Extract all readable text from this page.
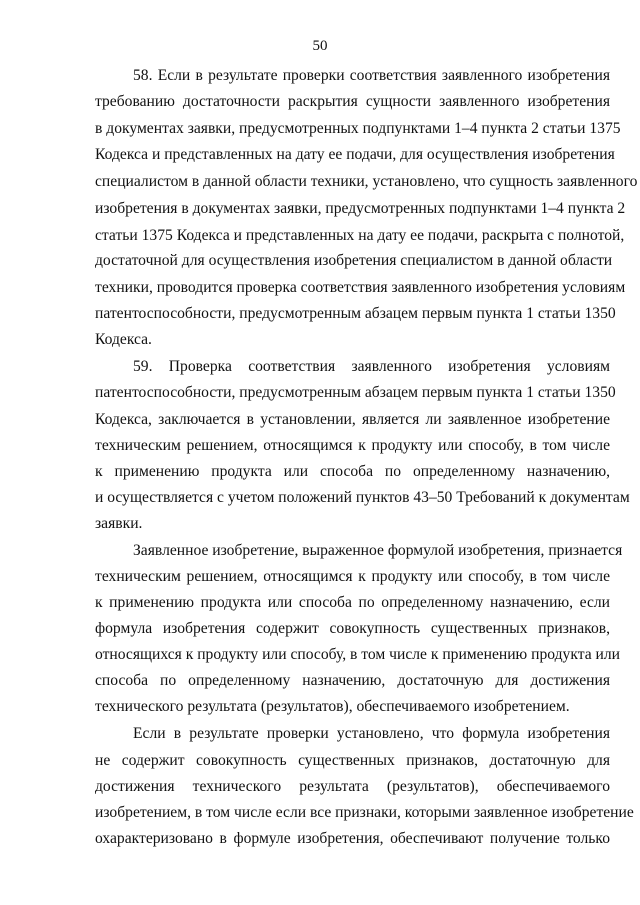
50
58. Если в результате проверки соответствия заявленного изобретения
требованию достаточности раскрытия сущности заявленного изобретения
в документах заявки, предусмотренных подпунктами 1–4 пункта 2 статьи 1375
Кодекса и представленных на дату ее подачи, для осуществления изобретения
специалистом в данной области техники, установлено, что сущность заявленного
изобретения в документах заявки, предусмотренных подпунктами 1–4 пункта 2
статьи 1375 Кодекса и представленных на дату ее подачи, раскрыта с полнотой,
достаточной для осуществления изобретения специалистом в данной области
техники, проводится проверка соответствия заявленного изобретения условиям
патентоспособности, предусмотренным абзацем первым пункта 1 статьи 1350
Кодекса.
59. Проверка соответствия заявленного изобретения условиям
патентоспособности, предусмотренным абзацем первым пункта 1 статьи 1350
Кодекса, заключается в установлении, является ли заявленное изобретение
техническим решением, относящимся к продукту или способу, в том числе
к применению продукта или способа по определенному назначению,
и осуществляется с учетом положений пунктов 43–50 Требований к документам
заявки.
Заявленное изобретение, выраженное формулой изобретения, признается
техническим решением, относящимся к продукту или способу, в том числе
к применению продукта или способа по определенному назначению, если
формула изобретения содержит совокупность существенных признаков,
относящихся к продукту или способу, в том числе к применению продукта или
способа по определенному назначению, достаточную для достижения
технического результата (результатов), обеспечиваемого изобретением.
Если в результате проверки установлено, что формула изобретения
не содержит совокупность существенных признаков, достаточную для
достижения технического результата (результатов), обеспечиваемого
изобретением, в том числе если все признаки, которыми заявленное изобретение
охарактеризовано в формуле изобретения, обеспечивают получение только
